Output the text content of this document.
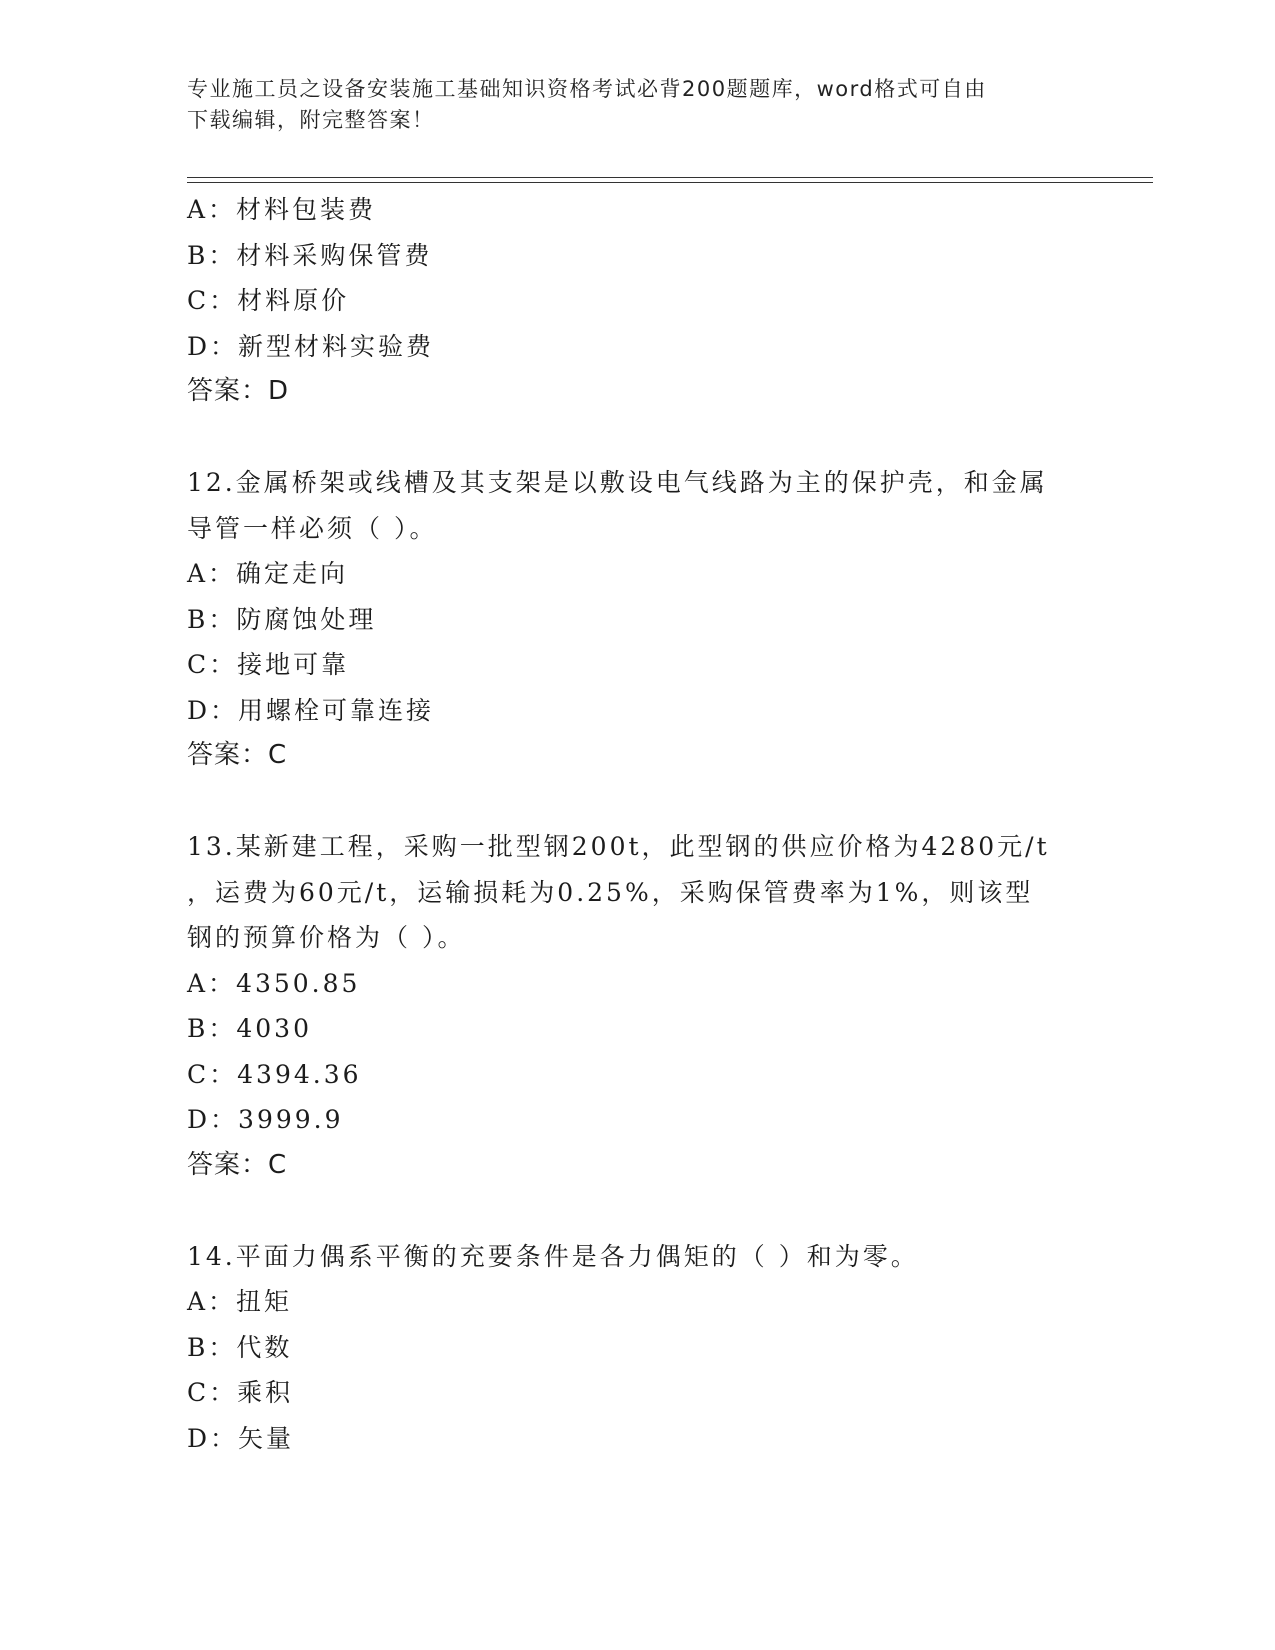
专业施工员之设备安装施工基础知识资格考试必背200题题库，word格式可自由
下载编辑，附完整答案！
A：材料包装费
B：材料采购保管费
C：材料原价
D：新型材料实验费
答案：D
12.金属桥架或线槽及其支架是以敷设电气线路为主的保护壳，和金属
导管一样必须（ ）。
A：确定走向
B：防腐蚀处理
C：接地可靠
D：用螺栓可靠连接
答案：C
13.某新建工程，采购一批型钢200t，此型钢的供应价格为4280元/t
，运费为60元/t，运输损耗为0.25%，采购保管费率为1%，则该型
钢的预算价格为（ ）。
A：4350.85
B：4030
C：4394.36
D：3999.9
答案：C
14.平面力偶系平衡的充要条件是各力偶矩的（ ）和为零。
A：扭矩
B：代数
C：乘积
D：矢量
